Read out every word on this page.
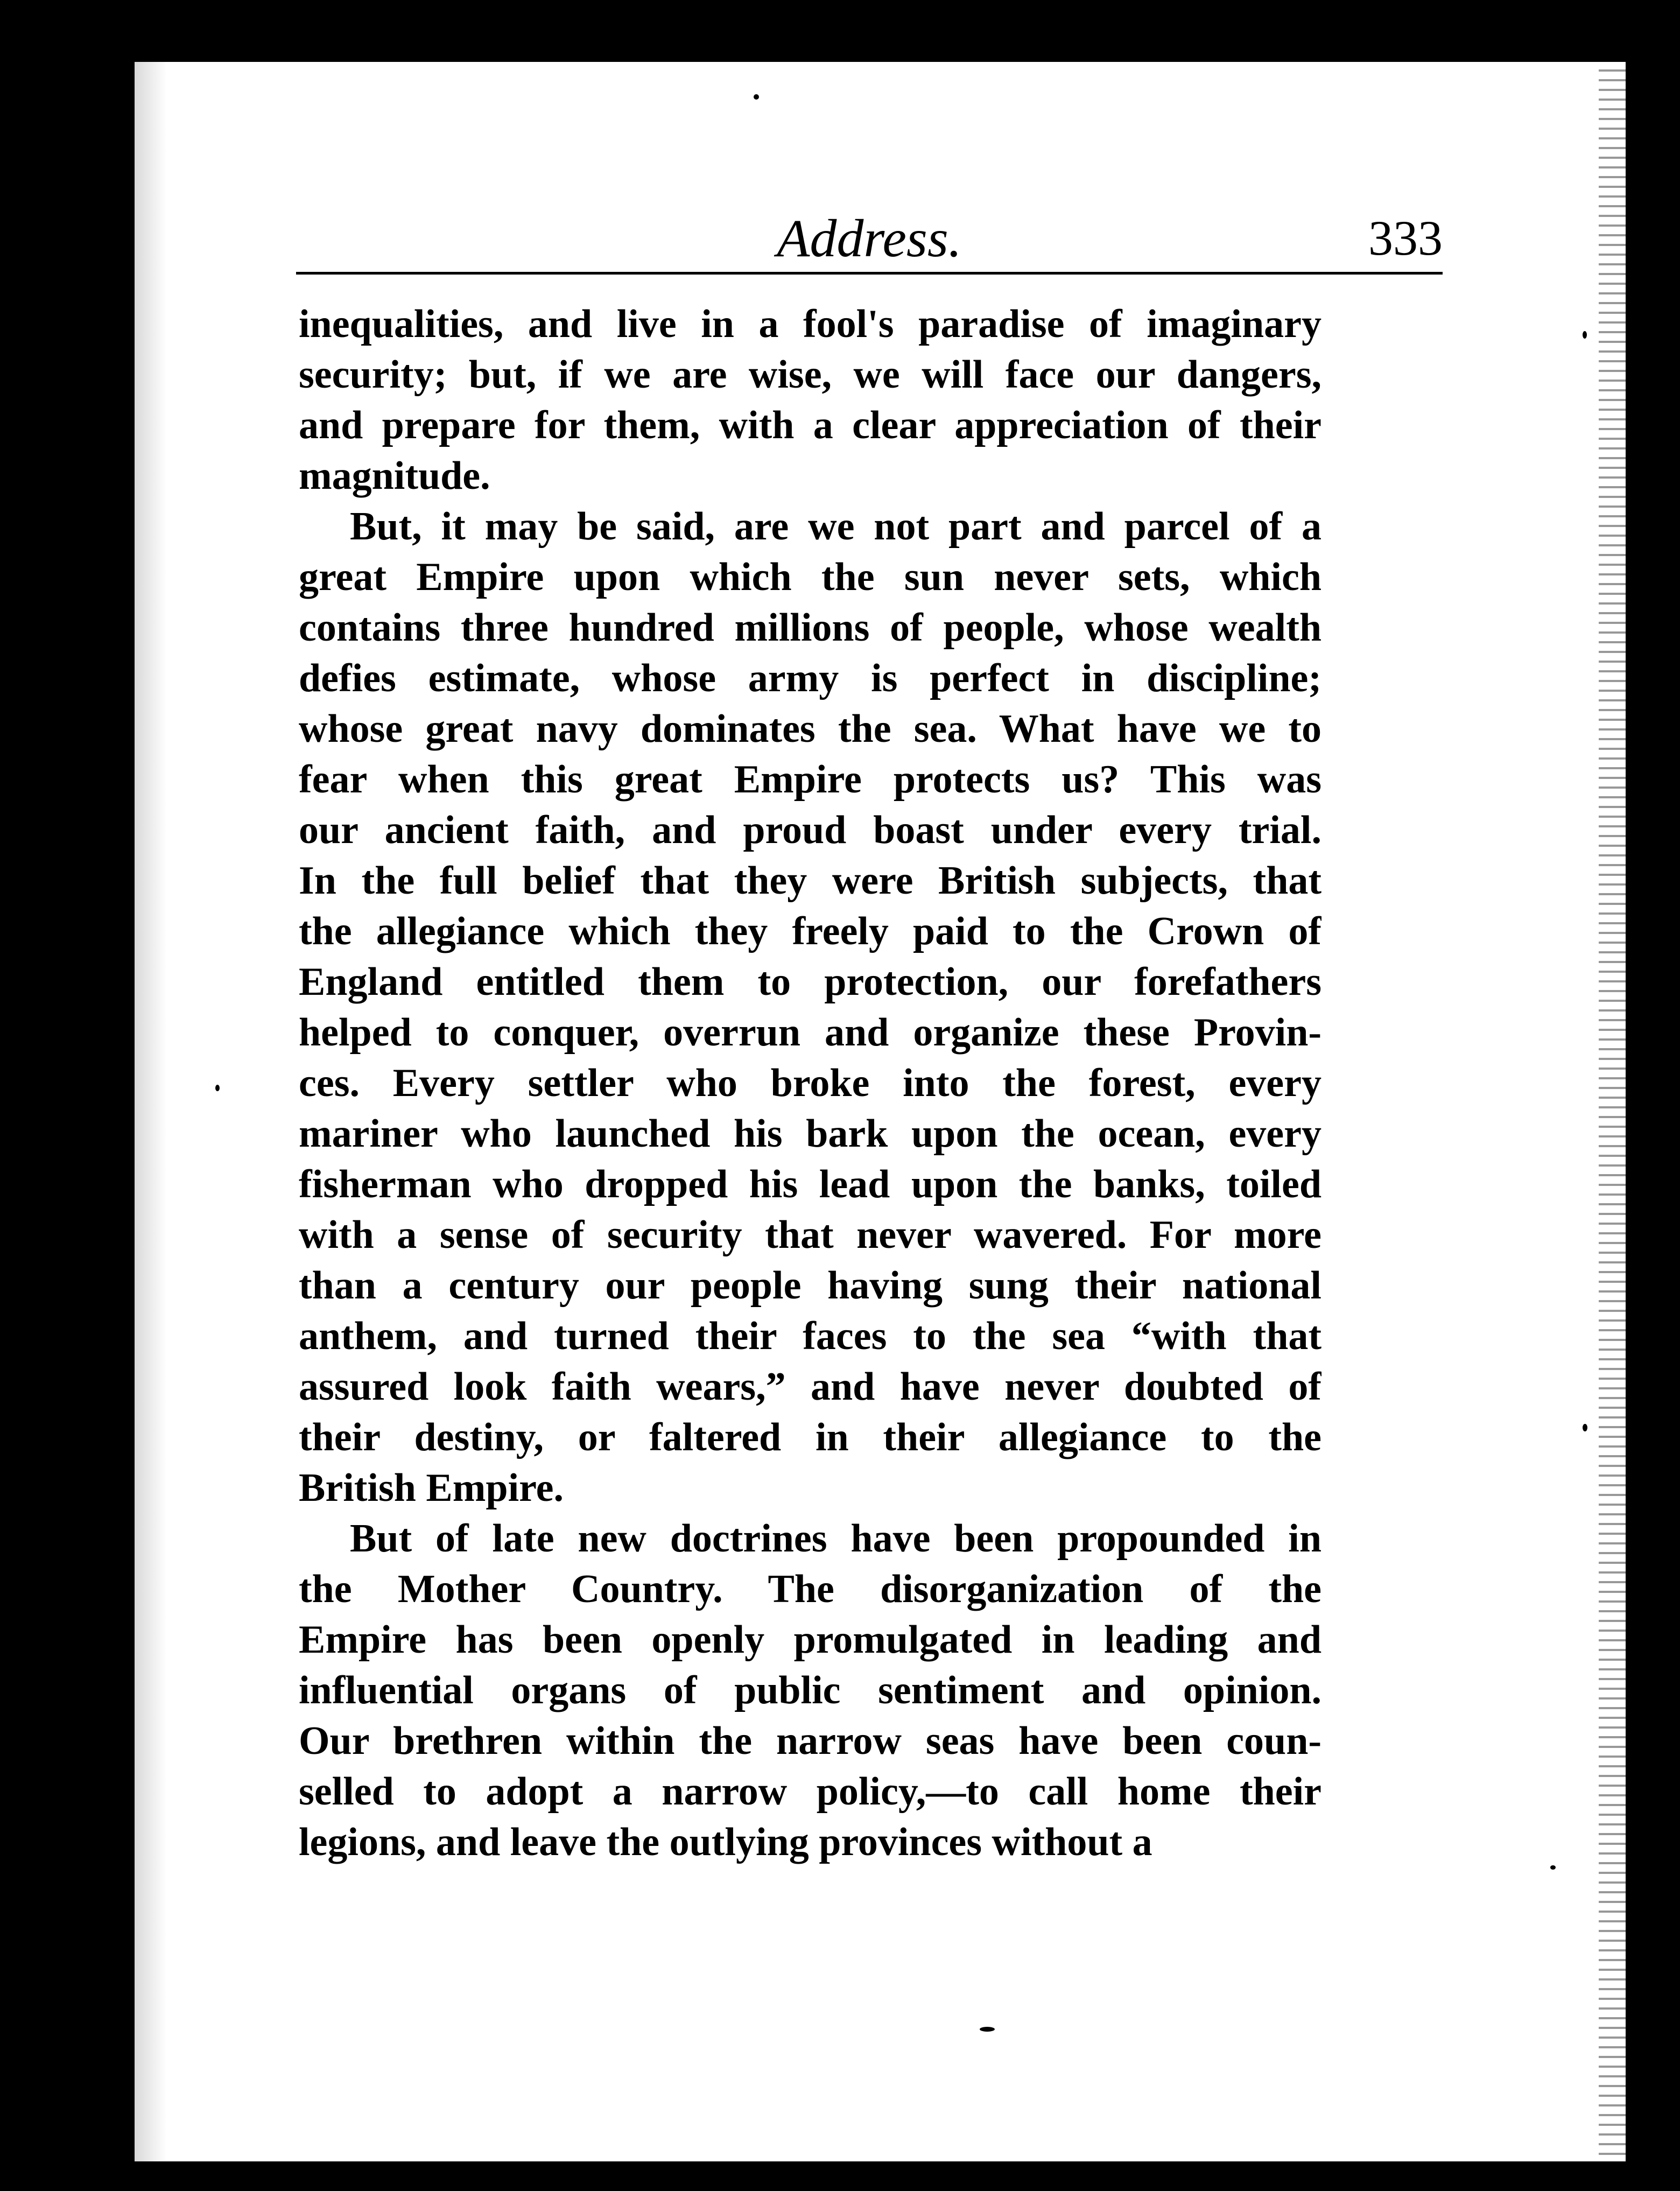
Address.	333
inequalities, and live in a fool's paradise of imaginary
security; but, if we are wise, we will face our dangers,
and prepare for them, with a clear appreciation of their
magnitude.
But, it may be said, are we not part and parcel of a
great Empire upon which the sun never sets, which
contains three hundred millions of people, whose wealth
defies estimate, whose army is perfect in discipline;
whose great navy dominates the sea. What have we to
fear when this great Empire protects us? This was
our ancient faith, and proud boast under every trial.
In the full belief that they were British subjects, that
the allegiance which they freely paid to the Crown of
England entitled them to protection, our forefathers
helped to conquer, overrun and organize these Provin-
ces. Every settler who broke into the forest, every
mariner who launched his bark upon the ocean, every
fisherman who dropped his lead upon the banks, toiled
with a sense of security that never wavered. For more
than a century our people having sung their national
anthem, and turned their faces to the sea “with that
assured look faith wears,” and have never doubted of
their destiny, or faltered in their allegiance to the
British Empire.
But of late new doctrines have been propounded in
the Mother Country. The disorganization of the
Empire has been openly promulgated in leading and
influential organs of public sentiment and opinion.
Our brethren within the narrow seas have been coun-
selled to adopt a narrow policy,—to call home their
legions, and leave the outlying provinces without a
